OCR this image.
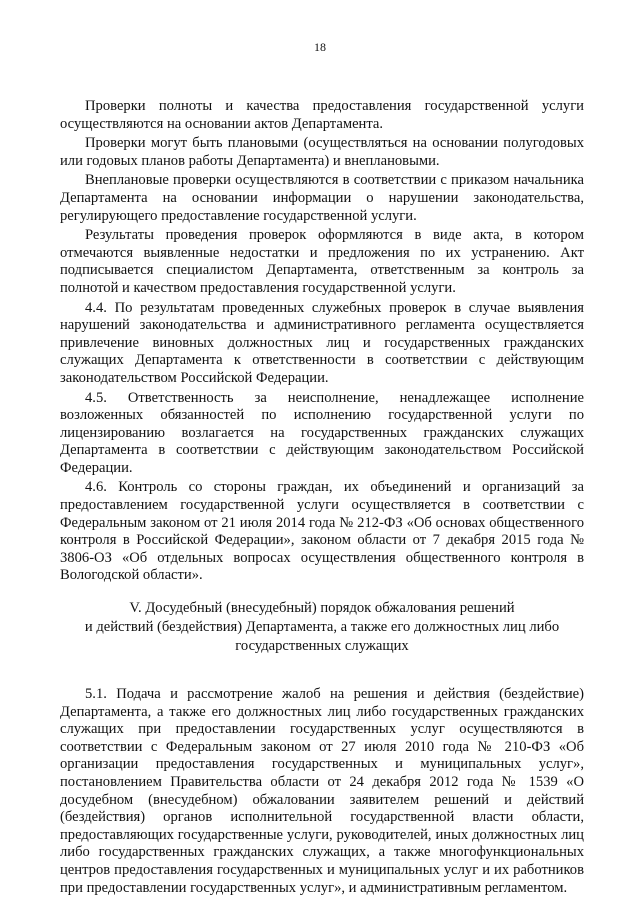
18

Проверки полноты и качества предоставления государственной услуги осуществляются на основании актов Департамента.

Проверки могут быть плановыми (осуществляться на основании полугодовых или годовых планов работы Департамента) и внеплановыми.

Внеплановые проверки осуществляются в соответствии с приказом начальника Департамента на основании информации о нарушении законодательства, регулирующего предоставление государственной услуги.

Результаты проведения проверок оформляются в виде акта, в котором отмечаются выявленные недостатки и предложения по их устранению. Акт подписывается специалистом Департамента, ответственным за контроль за полнотой и качеством предоставления государственной услуги.

4.4. По результатам проведенных служебных проверок в случае выявления нарушений законодательства и административного регламента осуществляется привлечение виновных должностных лиц и государственных гражданских служащих Департамента к ответственности в соответствии с действующим законодательством Российской Федерации.

4.5. Ответственность за неисполнение, ненадлежащее исполнение возложенных обязанностей по исполнению государственной услуги по лицензированию возлагается на государственных гражданских служащих Департамента в соответствии с действующим законодательством Российской Федерации.

4.6. Контроль со стороны граждан, их объединений и организаций за предоставлением государственной услуги осуществляется в соответствии с Федеральным законом от 21 июля 2014 года № 212-ФЗ «Об основах общественного контроля в Российской Федерации», законом области от 7 декабря 2015 года № 3806-ОЗ «Об отдельных вопросах осуществления общественного контроля в Вологодской области».

V. Досудебный (внесудебный) порядок обжалования решений
и действий (бездействия) Департамента, а также его должностных лиц либо
государственных служащих

5.1. Подача и рассмотрение жалоб на решения и действия (бездействие) Департамента, а также его должностных лиц либо государственных гражданских служащих при предоставлении государственных услуг осуществляются в соответствии с Федеральным законом от 27 июля 2010 года № 210-ФЗ «Об организации предоставления государственных и муниципальных услуг», постановлением Правительства области от 24 декабря 2012 года № 1539 «О досудебном (внесудебном) обжаловании заявителем решений и действий (бездействия) органов исполнительной государственной власти области, предоставляющих государственные услуги, руководителей, иных должностных лиц либо государственных гражданских служащих, а также многофункциональных центров предоставления государственных и муниципальных услуг и их работников при предоставлении государственных услуг», и административным регламентом.
